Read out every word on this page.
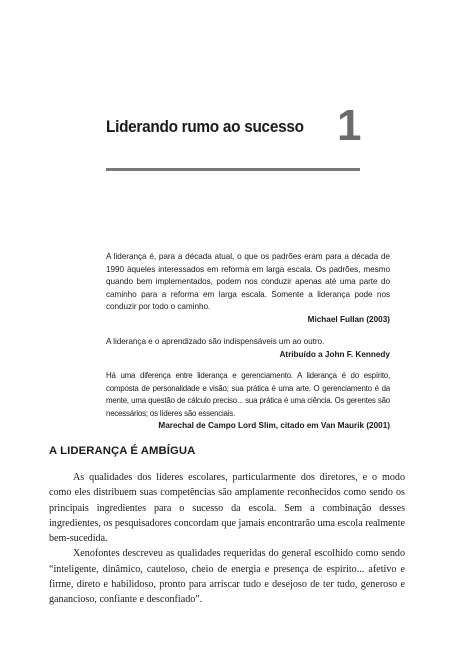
Liderando rumo ao sucesso 1

A liderança é, para a década atual, o que os padrões eram para a década de 1990 àqueles interessados em reforma em larga escala. Os padrões, mesmo quando bem implementados, podem nos conduzir apenas até uma parte do caminho para a reforma em larga escala. Somente a liderança pode nos conduzir por todo o caminho.

Michael Fullan (2003)

A liderança e o aprendizado são indispensáveis um ao outro.

Atribuído a John F. Kennedy

Há uma diferença entre liderança e gerenciamento. A liderança é do espírito, composta de personalidade e visão; sua prática é uma arte. O gerenciamento é da mente, uma questão de cálculo preciso... sua prática é uma ciência. Os gerentes são necessários; os líderes são essenciais.

Marechal de Campo Lord Slim, citado em Van Maurik (2001)

A LIDERANÇA É AMBÍGUA

As qualidades dos líderes escolares, particularmente dos diretores, e o modo como eles distribuem suas competências são amplamente reconhecidos como sendo os principais ingredientes para o sucesso da escola. Sem a combinação desses ingredientes, os pesquisadores concordam que jamais encontrarão uma escola realmente bem-sucedida.

Xenofontes descreveu as qualidades requeridas do general escolhido como sendo “inteligente, dinâmico, cauteloso, cheio de energia e presença de espírito... afetivo e firme, direto e habilidoso, pronto para arriscar tudo e desejoso de ter tudo, generoso e ganancioso, confiante e desconfiado”.
